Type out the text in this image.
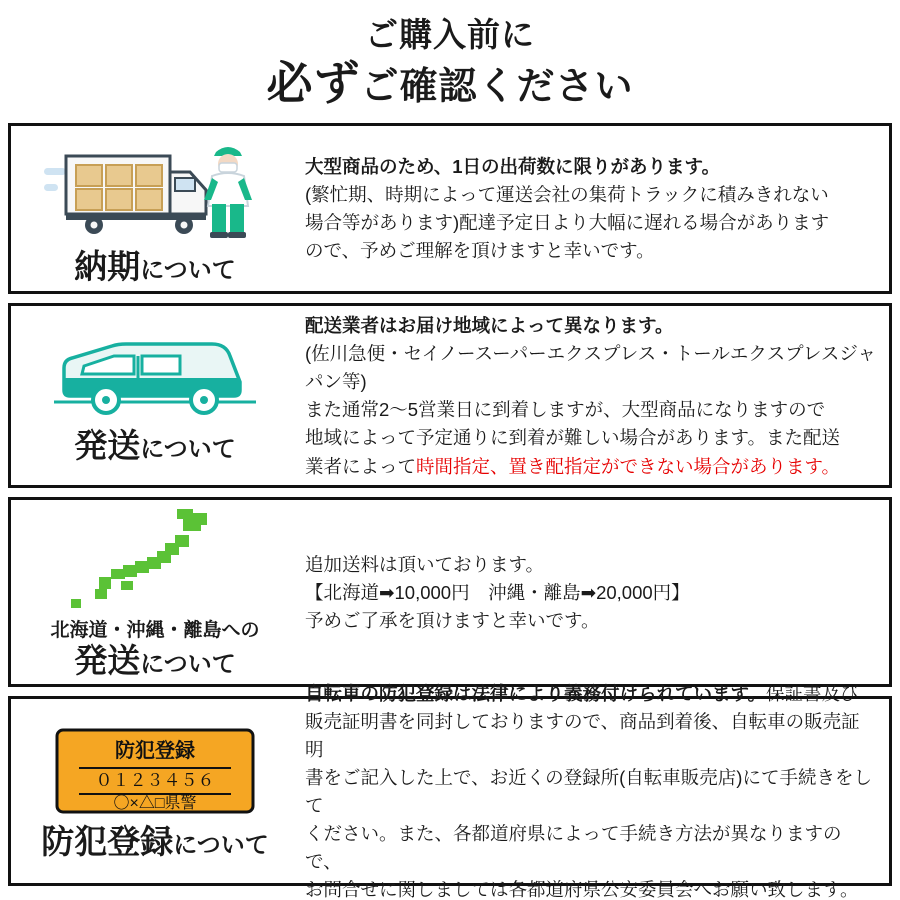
ご購入前に
必ずご確認ください
納期について
大型商品のため、1日の出荷数に限りがあります。
(繁忙期、時期によって運送会社の集荷トラックに積みきれない
場合等があります)配達予定日より大幅に遅れる場合があります
ので、予めご理解を頂けますと幸いです。
発送について
配送業者はお届け地域によって異なります。
(佐川急便・セイノースーパーエクスプレス・トールエクスプレスジャパン等)
また通常2〜5営業日に到着しますが、大型商品になりますので
地域によって予定通りに到着が難しい場合があります。また配送
業者によって時間指定、置き配指定ができない場合があります。
北海道・沖縄・離島への
発送について
追加送料は頂いております。
【北海道➡10,000円　沖縄・離島➡20,000円】
予めご了承を頂けますと幸いです。
防犯登録
０１２３４５６
〇×△□県警
防犯登録について
自転車の防犯登録は法律により義務付けられています。保証書及び
販売証明書を同封しておりますので、商品到着後、自転車の販売証明
書をご記入した上で、お近くの登録所(自転車販売店)にて手続きをして
ください。また、各都道府県によって手続き方法が異なりますので、
お問合せに関しましては各都道府県公安委員会へお願い致します。
